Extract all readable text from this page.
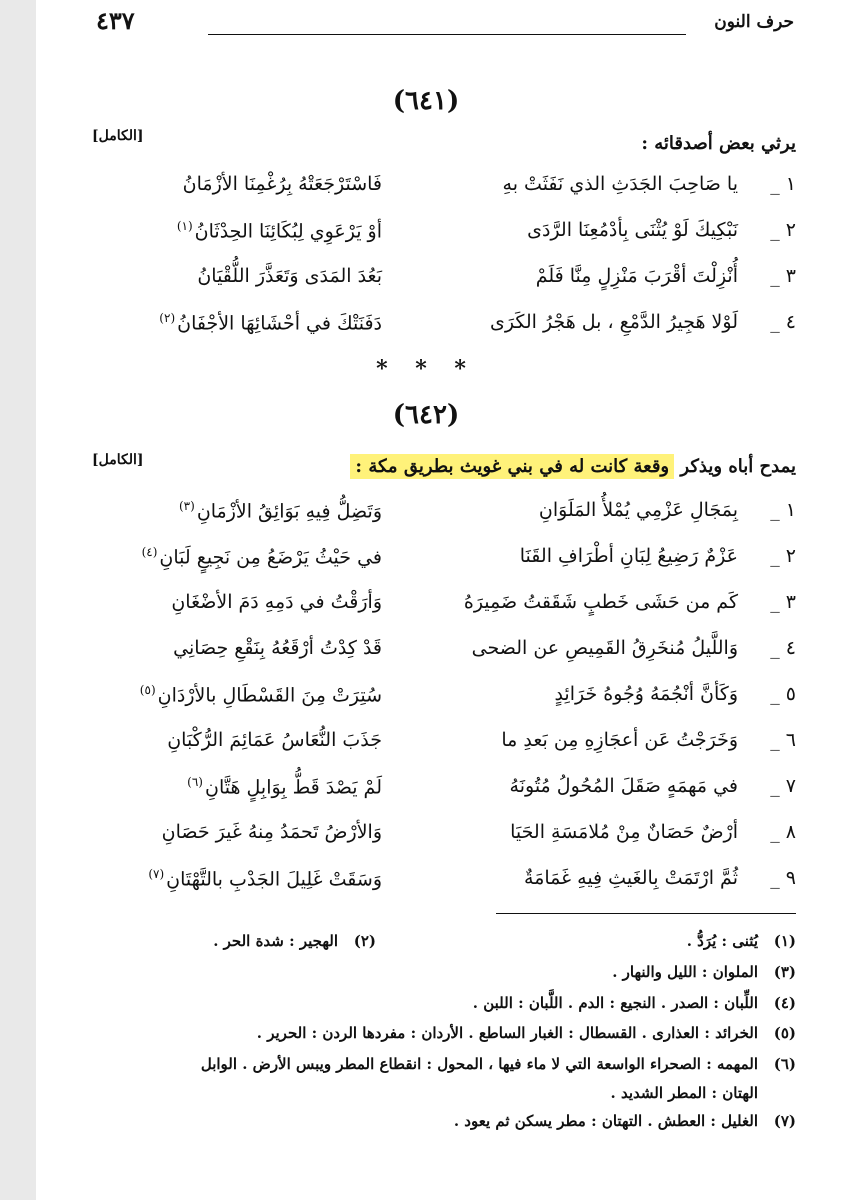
حرف النون
٤٣٧
(٦٤١)
[الكامل]	يرثي بعض أصدقائه :
١ _
يا صَاحِبَ الجَدَثِ الذي نَفَثَتْ بهِ
فَاسْتَرْجَعَتْهُ بِرُغْمِنَا الأزْمَانُ
٢ _
نَبْكِيكَ لَوْ يُثْنَى بِأدْمُعِنَا الرَّدَى
أوْ يَرْعَوِي لِبُكَائِنَا الحِدْثَانُ$^{(١)}$
٣ _
أُنْزِلْتَ أقْرَبَ مَنْزِلٍ مِنَّا فَلَمْ
بَعُدَ المَدَى وَتَعَذَّرَ اللُّقْيَانُ
٤ _
لَوْلا هَجِيرُ الدَّمْعِ ، بل هَجْرُ الكَرَى
دَفَنَتْكَ في أحْشَائِهَا الأجْفَانُ$^{(٢)}$
* * *
(٦٤٢)
[الكامل]	يمدح أباه ويذكر وقعة كانت له في بني غويث بطريق مكة :
١ _
بِمَجَالِ عَزْمِي يُمْلأُ المَلَوَانِ
وَتَضِلُّ فِيهِ بَوَائِقُ الأزْمَانِ$^{(٣)}$
٢ _
عَزْمٌ رَضِيعُ لِبَانِ أطْرَافِ القَنَا
في حَيْثُ يَرْضَعُ مِن نَجِيعٍ لَبَانِ$^{(٤)}$
٣ _
كَم من حَشَى خَطبٍ شَقَقتُ ضَمِيرَهُ
وَأرَقْتُ في دَمِهِ دَمَ الأضْغَانِ
٤ _
وَاللَّيلُ مُنخَرِقُ القَمِيصِ عن الضحى
قَدْ كِدْتُ أرْقَعُهُ بِنَقْعِ حِصَانِي
٥ _
وَكَأنَّ أنْجُمَهُ وُجُوهُ خَرَائِدٍ
سُتِرَتْ مِنَ القَسْطَالِ بالأرْدَانِ$^{(٥)}$
٦ _
وَخَرَجْتُ عَن أعجَازِهِ مِن بَعدِ ما
جَذَبَ النُّعَاسُ عَمَائِمَ الرُّكْبَانِ
٧ _
في مَهمَهٍ صَقَلَ المُحُولُ مُتُونَهُ
لَمْ يَصْدَ قَطُّ بِوَابِلٍ هَتَّانِ$^{(٦)}$
٨ _
أرْضٌ حَصَانٌ مِنْ مُلامَسَةِ الحَيَا
وَالأرْضُ تَحمَدُ مِنهُ غَيرَ حَصَانِ
٩ _
ثُمَّ ارْتَمَتْ بِالغَيثِ فِيهِ غَمَامَةٌ
وَسَقَتْ غَلِيلَ الجَدْبِ بالتَّهْتَانِ$^{(٧)}$
(١)يُثنى : يُرَدُّ .
(٢)الهجير : شدة الحر .
(٣)الملوان : الليل والنهار .
(٤)اللِّبان : الصدر . النجيع : الدم . اللَّبان : اللبن .
(٥)الخرائد : العذارى . القسطال : الغبار الساطع . الأردان : مفردها الردن : الحرير .
(٦)المهمه : الصحراء الواسعة التي لا ماء فيها ، المحول : انقطاع المطر ويبس الأرض . الوابل
الهتان : المطر الشديد .
(٧)الغليل : العطش . التهتان : مطر يسكن ثم يعود .
